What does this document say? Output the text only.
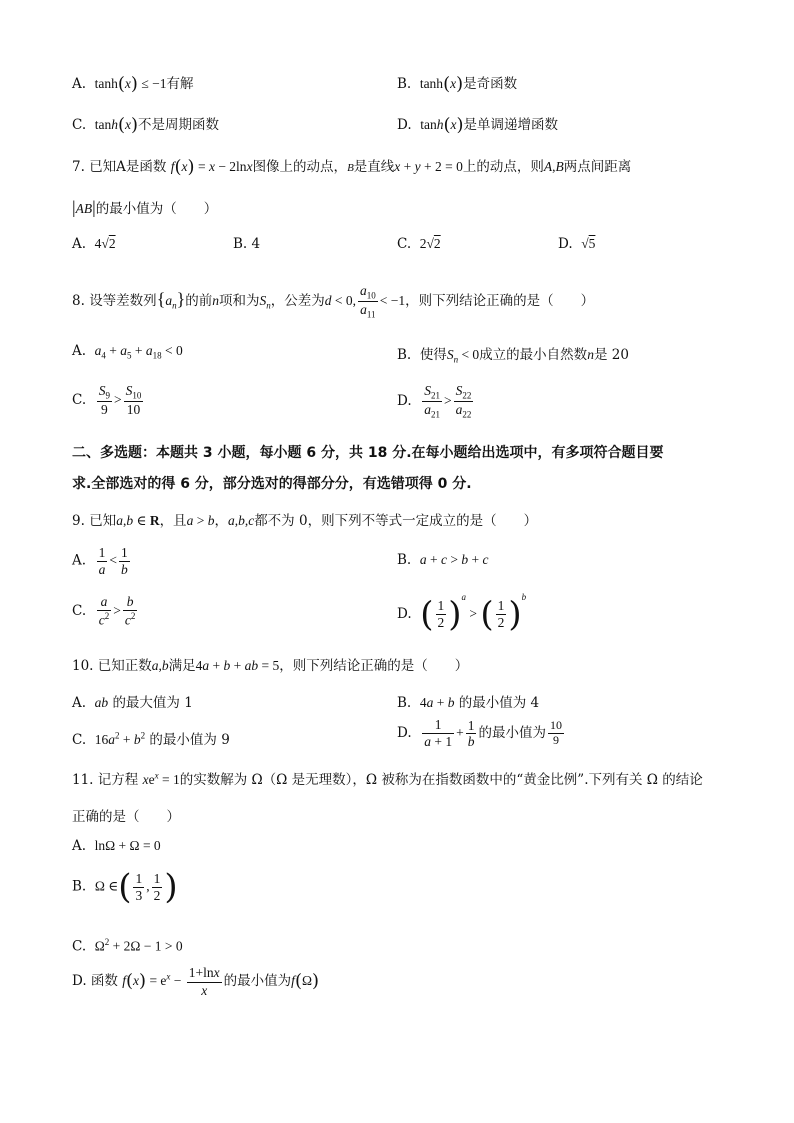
A. tanh(x) ≤ −1有解	B. tanh(x)是奇函数
C. tanh(x)不是周期函数	D. tanh(x)是单调递增函数
7. 已知A是函数 f(x) = x − 2lnx图像上的动点，B是直线x + y + 2 = 0上的动点，则A,B两点间距离
|AB|的最小值为（　　）
A. 4√2	B. 4	C. 2√2	D. √5
8. 设等差数列$\{a_n\}$的前n项和为$S_n$，公差为d < 0, $\frac{a_{10}}{a_{11}} < -1$，则下列结论正确的是（　　）
A. $a_4 + a_5 + a_{18} < 0$	B. 使得$S_n < 0$成立的最小自然数n是 20
C. $\frac{S_9}{9} > \frac{S_{10}}{10}$	D. $\frac{S_{21}}{a_{21}} > \frac{S_{22}}{a_{22}}$
二、多选题：本题共 3 小题，每小题 6 分，共 18 分.在每小题给出选项中，有多项符合题目要
求.全部选对的得 6 分，部分选对的得部分分，有选错项得 0 分.
9. 已知a,b ∈ R，且a > b，a,b,c都不为 0，则下列不等式一定成立的是（　　）
A. $\frac{1}{a} < \frac{1}{b}$	B. a + c > b + c
C. $\frac{a}{c^2} > \frac{b}{c^2}$	D. ( $\frac{1}{2} )^a$ > ( $\frac{1}{2} )^b$
10. 已知正数a,b满足4a + b + ab = 5，则下列结论正确的是（　　）
A. ab 的最大值为 1	B. 4a + b 的最小值为 4
C. $16a^2 + b^2$ 的最小值为 9	D. $\frac{1}{a + 1} + \frac{1}{b}$ 的最小值为 $\frac{10}{9}$
11. 记方程 $xe^x = 1$的实数解为 Ω（Ω 是无理数），Ω 被称为在指数函数中的“黄金比例”.下列有关 Ω 的结论
正确的是（　　）
A. lnΩ + Ω = 0
B. Ω ∈( $\frac{1}{3}$ , $\frac{1}{2}$ )
C. $\Omega^2 + 2\Omega - 1 > 0$
D. 函数 $f(x) = e^x - \frac{1+\ln x}{x}$ 的最小值为f(Ω)
